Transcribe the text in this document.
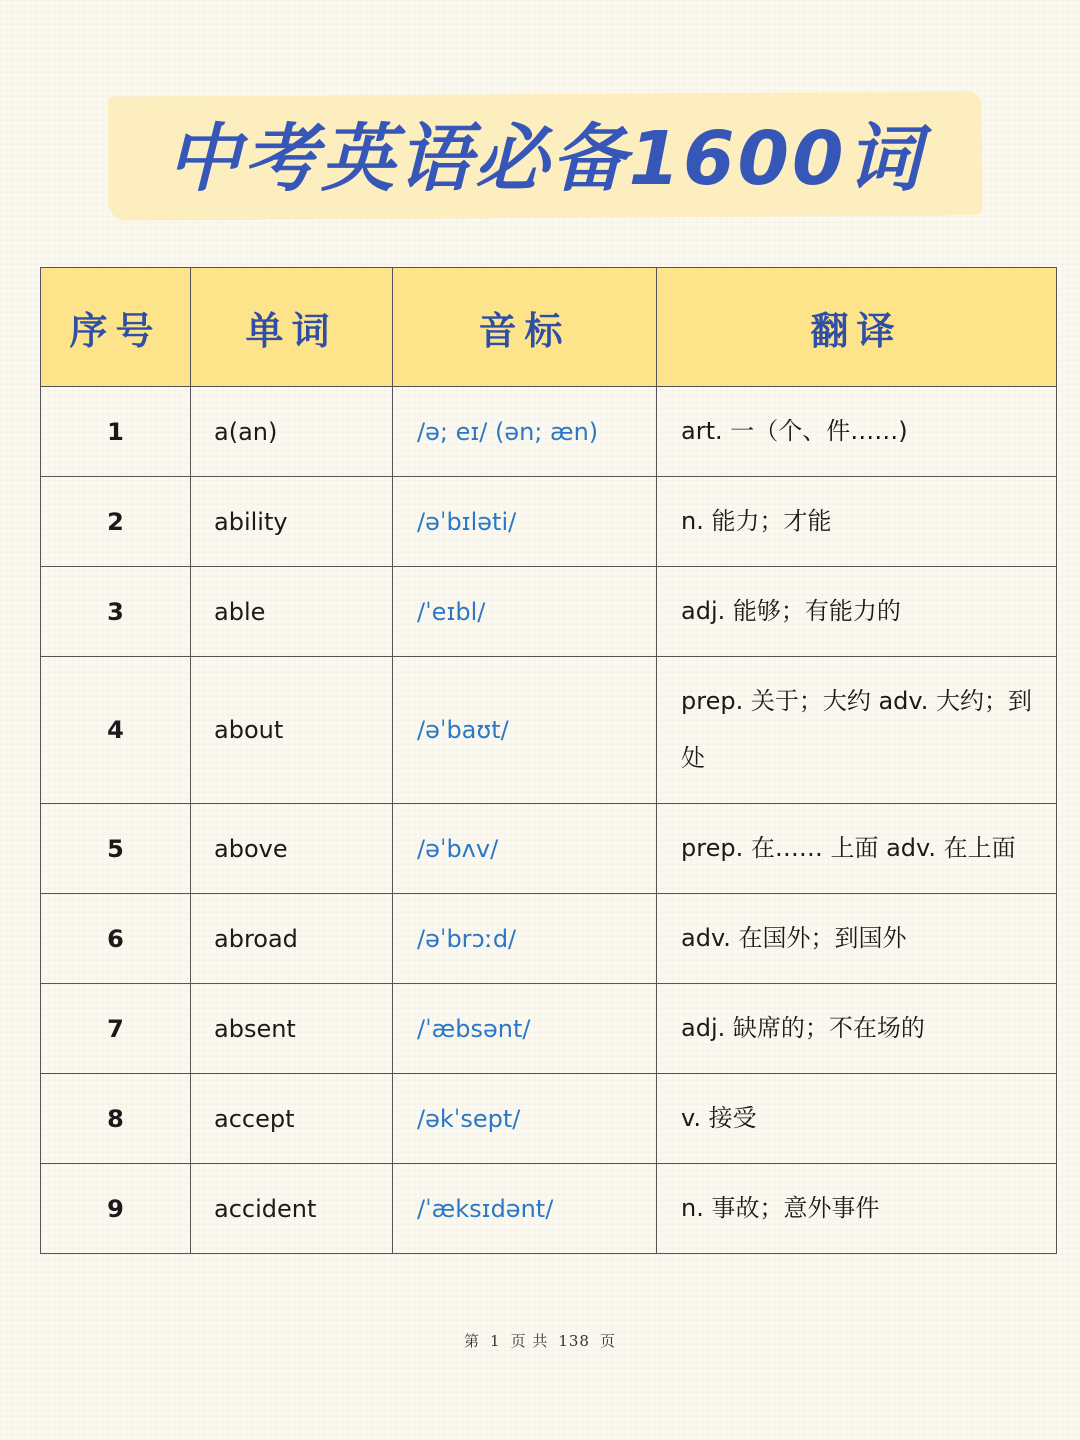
中考英语必备1600词
序号	单词	音标	翻译
1	a(an)	/ə; eɪ/ (ən; æn)	art. 一（个、件……)
2	ability	/əˈbɪləti/	n. 能力；才能
3	able	/ˈeɪbl/	adj. 能够；有能力的
4	about	/əˈbaʊt/	prep. 关于；大约 adv. 大约；到处
5	above	/əˈbʌv/	prep. 在…… 上面 adv. 在上面
6	abroad	/əˈbrɔːd/	adv. 在国外；到国外
7	absent	/ˈæbsənt/	adj. 缺席的；不在场的
8	accept	/əkˈsept/	v. 接受
9	accident	/ˈæksɪdənt/	n. 事故；意外事件
第 1 页 共 138 页
